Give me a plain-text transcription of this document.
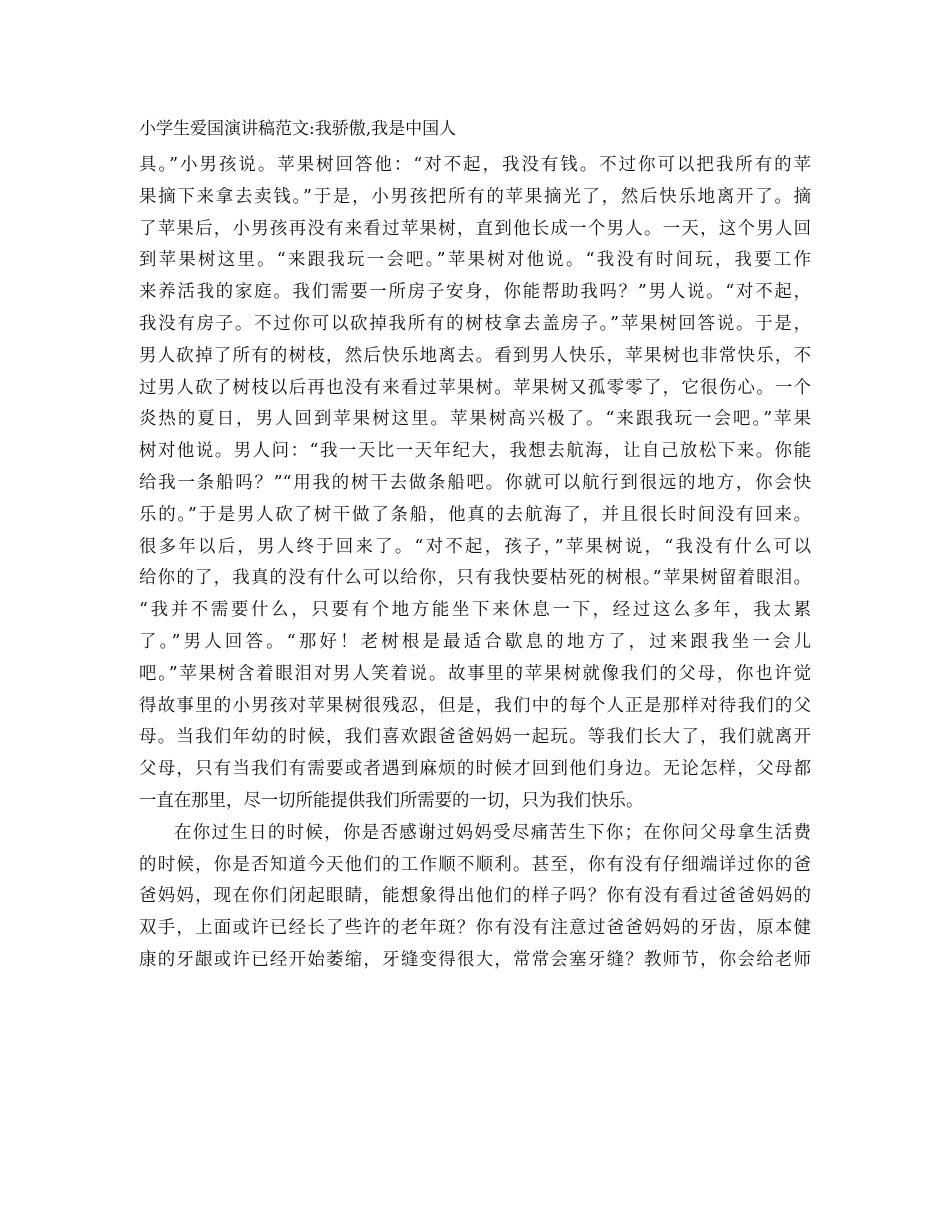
小学生爱国演讲稿范文:我骄傲,我是中国人
具。”小男孩说。苹果树回答他：“对不起，我没有钱。不过你可以把我所有的苹
果摘下来拿去卖钱。”于是，小男孩把所有的苹果摘光了，然后快乐地离开了。摘
了苹果后，小男孩再没有来看过苹果树，直到他长成一个男人。一天，这个男人回
到苹果树这里。“来跟我玩一会吧。”苹果树对他说。“我没有时间玩，我要工作
来养活我的家庭。我们需要一所房子安身，你能帮助我吗？”男人说。“对不起，
我没有房子。不过你可以砍掉我所有的树枝拿去盖房子。”苹果树回答说。于是，
男人砍掉了所有的树枝，然后快乐地离去。看到男人快乐，苹果树也非常快乐，不
过男人砍了树枝以后再也没有来看过苹果树。苹果树又孤零零了，它很伤心。一个
炎热的夏日，男人回到苹果树这里。苹果树高兴极了。“来跟我玩一会吧。”苹果
树对他说。男人问：“我一天比一天年纪大，我想去航海，让自己放松下来。你能
给我一条船吗？”“用我的树干去做条船吧。你就可以航行到很远的地方，你会快
乐的。”于是男人砍了树干做了条船，他真的去航海了，并且很长时间没有回来。
很多年以后，男人终于回来了。“对不起，孩子，”苹果树说，“我没有什么可以
给你的了，我真的没有什么可以给你，只有我快要枯死的树根。”苹果树留着眼泪。
“我并不需要什么，只要有个地方能坐下来休息一下，经过这么多年，我太累
了。”男人回答。“那好！老树根是最适合歇息的地方了，过来跟我坐一会儿
吧。”苹果树含着眼泪对男人笑着说。故事里的苹果树就像我们的父母，你也许觉
得故事里的小男孩对苹果树很残忍，但是，我们中的每个人正是那样对待我们的父
母。当我们年幼的时候，我们喜欢跟爸爸妈妈一起玩。等我们长大了，我们就离开
父母，只有当我们有需要或者遇到麻烦的时候才回到他们身边。无论怎样，父母都
一直在那里，尽一切所能提供我们所需要的一切，只为我们快乐。
在你过生日的时候，你是否感谢过妈妈受尽痛苦生下你；在你问父母拿生活费
的时候，你是否知道今天他们的工作顺不顺利。甚至，你有没有仔细端详过你的爸
爸妈妈，现在你们闭起眼睛，能想象得出他们的样子吗？你有没有看过爸爸妈妈的
双手，上面或许已经长了些许的老年斑？你有没有注意过爸爸妈妈的牙齿，原本健
康的牙龈或许已经开始萎缩，牙缝变得很大，常常会塞牙缝？教师节，你会给老师
